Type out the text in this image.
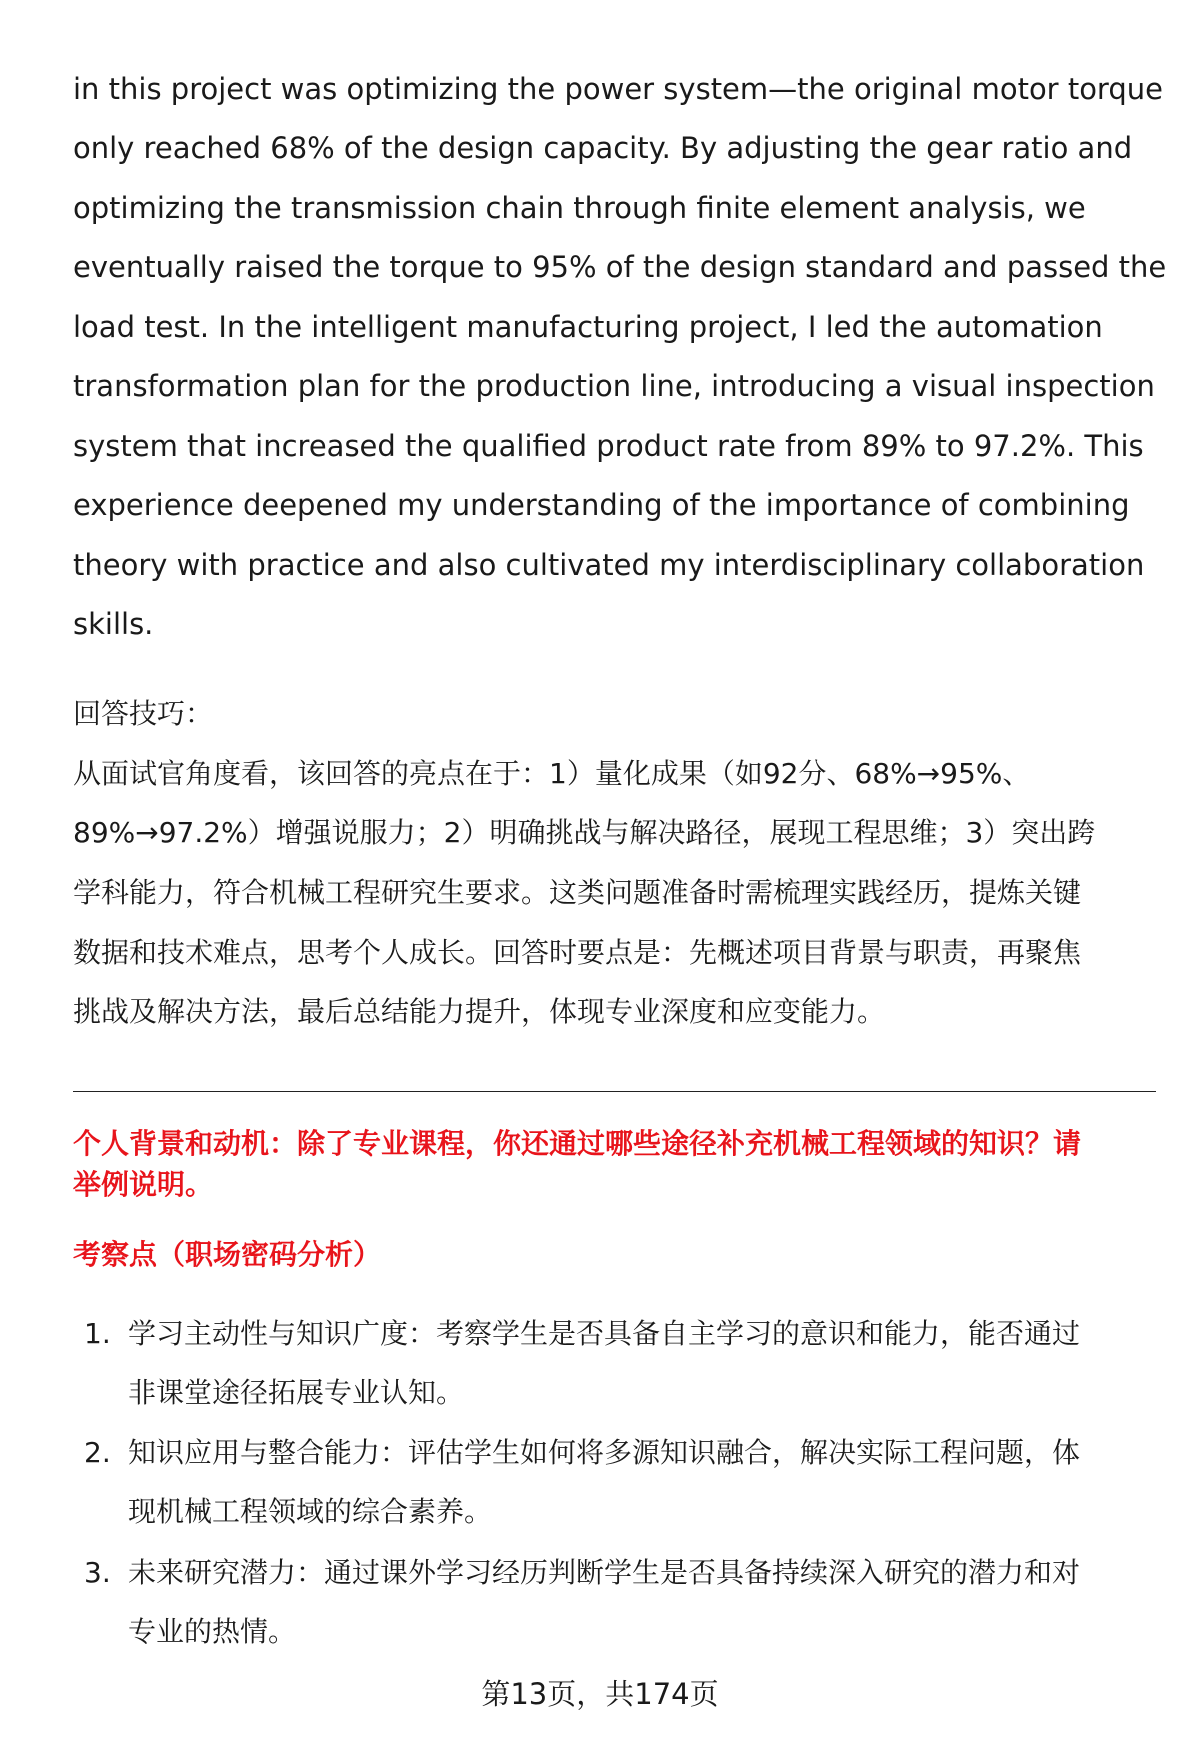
in this project was optimizing the power system—the original motor torque
only reached 68% of the design capacity. By adjusting the gear ratio and
optimizing the transmission chain through finite element analysis, we
eventually raised the torque to 95% of the design standard and passed the
load test. In the intelligent manufacturing project, I led the automation
transformation plan for the production line, introducing a visual inspection
system that increased the qualified product rate from 89% to 97.2%. This
experience deepened my understanding of the importance of combining
theory with practice and also cultivated my interdisciplinary collaboration
skills.
回答技巧：
从面试官角度看，该回答的亮点在于：1）量化成果（如92分、68%→95%、
89%→97.2%）增强说服力；2）明确挑战与解决路径，展现工程思维；3）突出跨
学科能力，符合机械工程研究生要求。这类问题准备时需梳理实践经历，提炼关键
数据和技术难点，思考个人成长。回答时要点是：先概述项目背景与职责，再聚焦
挑战及解决方法，最后总结能力提升，体现专业深度和应变能力。
个人背景和动机：除了专业课程，你还通过哪些途径补充机械工程领域的知识？请
举例说明。
考察点（职场密码分析）
1. 学习主动性与知识广度：考察学生是否具备自主学习的意识和能力，能否通过
非课堂途径拓展专业认知。
2. 知识应用与整合能力：评估学生如何将多源知识融合，解决实际工程问题，体
现机械工程领域的综合素养。
3. 未来研究潜力：通过课外学习经历判断学生是否具备持续深入研究的潜力和对
专业的热情。
第13页，共174页
